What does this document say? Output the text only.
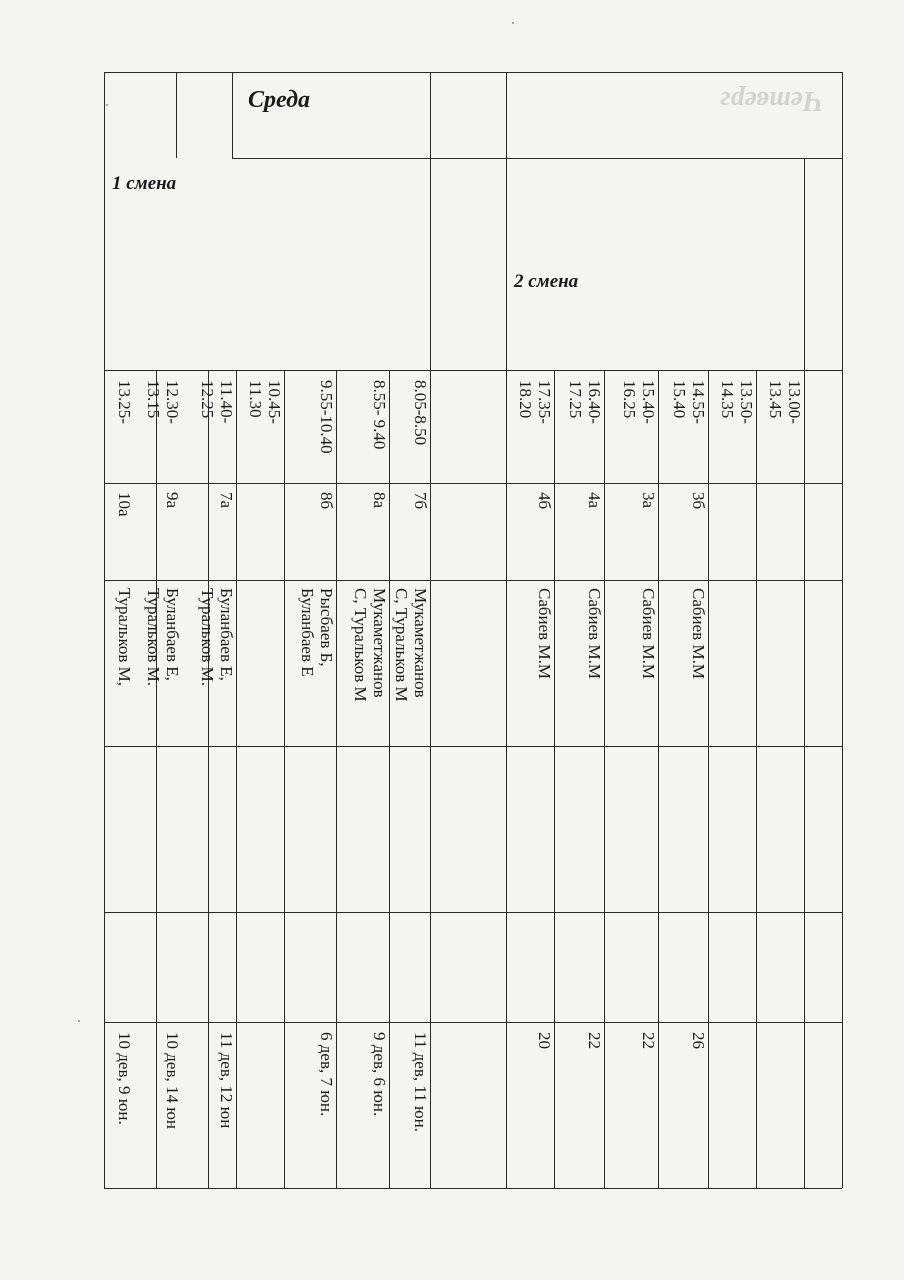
Четверг
Среда
1 смена
2 смена
8.05-8.50
7б
Мукаметжанов
С, Туральков М
11 дев, 11 юн.
8.55- 9.40
8а
Мукаметжанов
С, Туральков М
9 дев, 6 юн.
9.55-10.40
8б
Рысбаев Б,
Буланбаев Е
6 дев, 7 юн.
10.45-
11.30
11.40-
12.25
7а
Буланбаев Е,
Туральков М.
11 дев, 12 юн
12.30-
13.15
9а
Буланбаев Е,
Туральков М.
10 дев, 14 юн
13.25-
10а
Туральков М,
10 дев, 9 юн.
13.00-
13.45
13.50-
14.35
14.55-
15.40
3б
Сабиев М.М
26
15.40-
16.25
3а
Сабиев М.М
22
16.40-
17.25
4а
Сабиев М.М
22
17.35-
18.20
4б
Сабиев М.М
20
